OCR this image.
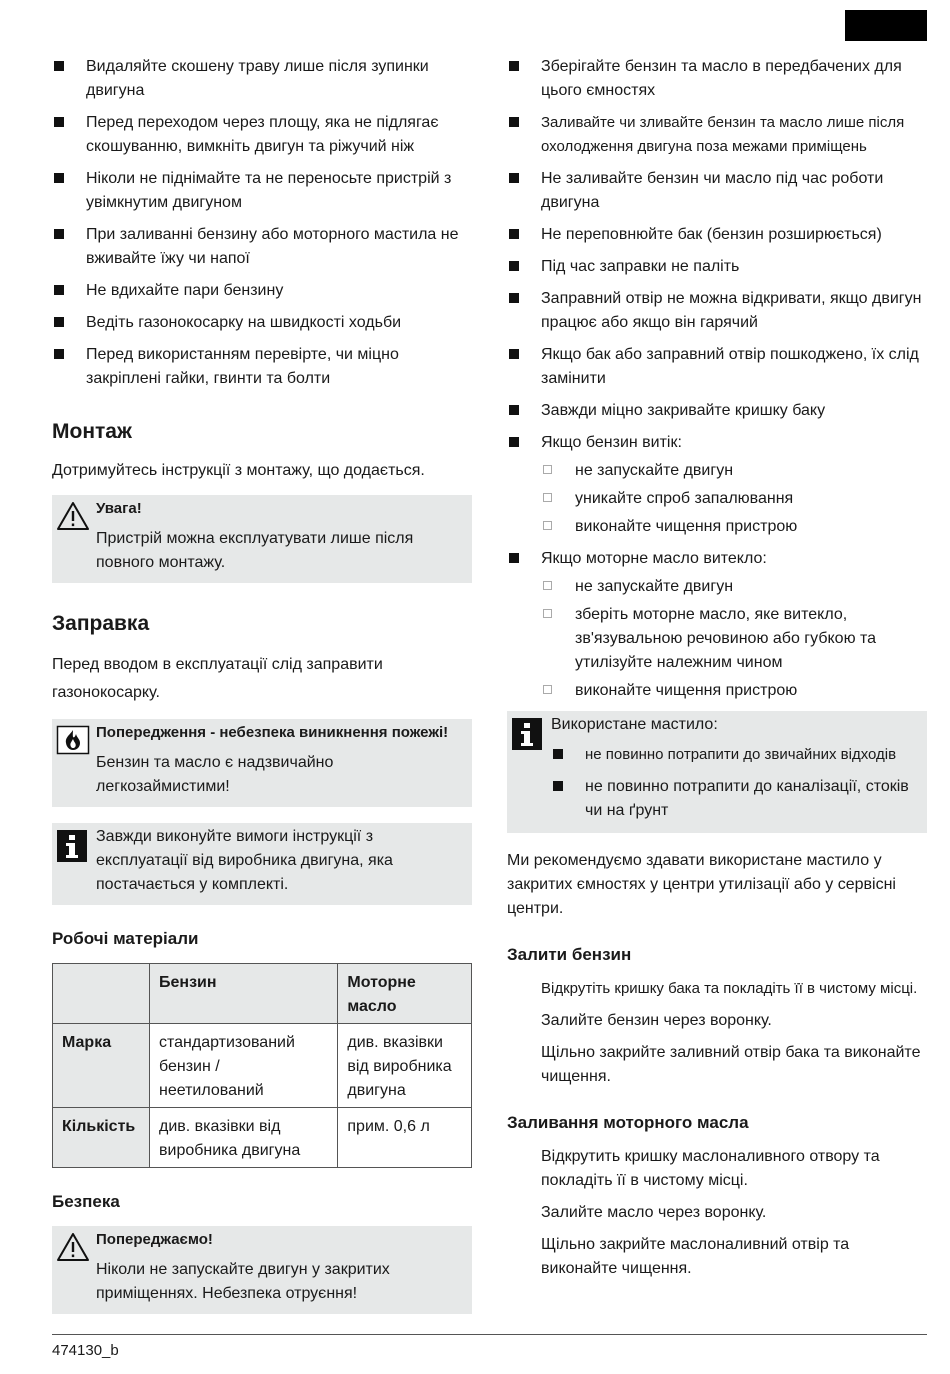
Видаляйте скошену траву лише після зупинки двигуна
Перед переходом через площу, яка не підлягає скошуванню, вимкніть двигун та ріжучий ніж
Ніколи не піднімайте та не переносьте пристрій з увімкнутим двигуном
При заливанні бензину або моторного мастила не вживайте їжу чи напої
Не вдихайте пари бензину
Ведіть газонокосарку на швидкості ходьби
Перед використанням перевірте, чи міцно закріплені гайки, гвинти та болти
Монтаж

Дотримуйтесь інструкції з монтажу, що додається.

Увага!

Пристрій можна експлуатувати лише після повного монтажу.

Заправка

Перед вводом в експлуатації слід заправити газонокосарку.

Попередження - небезпека виникнення пожежі!

Бензин та масло є надзвичайно легкозаймистими!

Завжди виконуйте вимоги інструкції з експлуатації від виробника двигуна, яка постачається у комплекті.

Робочі матеріали
	Бензин	Моторне масло
Марка	стандартизований бензин / неетилований	див. вказівки від виробника двигуна
Кількість	див. вказівки від виробника двигуна	прим. 0,6 л
Безпека
Попереджаємо!

Ніколи не запускайте двигун у закритих приміщеннях. Небезпека отруєння!

Зберігайте бензин та масло в передбачених для цього ємностях
Заливайте чи зливайте бензин та масло лише після охолодження двигуна поза межами приміщень
Не заливайте бензин чи масло під час роботи двигуна
Не переповнюйте бак (бензин розширюється)
Під час заправки не паліть
Заправний отвір не можна відкривати, якщо двигун працює або якщо він гарячий
Якщо бак або заправний отвір пошкоджено, їх слід замінити
Завжди міцно закривайте кришку баку
Якщо бензин витік:
не запускайте двигун
уникайте спроб запалювання
виконайте чищення пристрою
Якщо моторне масло витекло:
не запускайте двигун
зберіть моторне масло, яке витекло, зв'язувальною речовиною або губкою та утилізуйте належним чином
виконайте чищення пристрою
Використане мастило:
не повинно потрапити до звичайних відходів
не повинно потрапити до каналізації, стоків чи на ґрунт

Ми рекомендуємо здавати використане мастило у закритих ємностях у центри утилізації або у сервісні центри.

Залити бензин

Відкрутіть кришку бака та покладіть її в чистому місці.

Залийте бензин через воронку.

Щільно закрийте заливний отвір бака та виконайте чищення.

Заливання моторного масла

Відкрутить кришку маслоналивного отвору та покладіть її в чистому місці.

Залийте масло через воронку.

Щільно закрийте маслоналивний отвір та виконайте чищення.

474130_b
